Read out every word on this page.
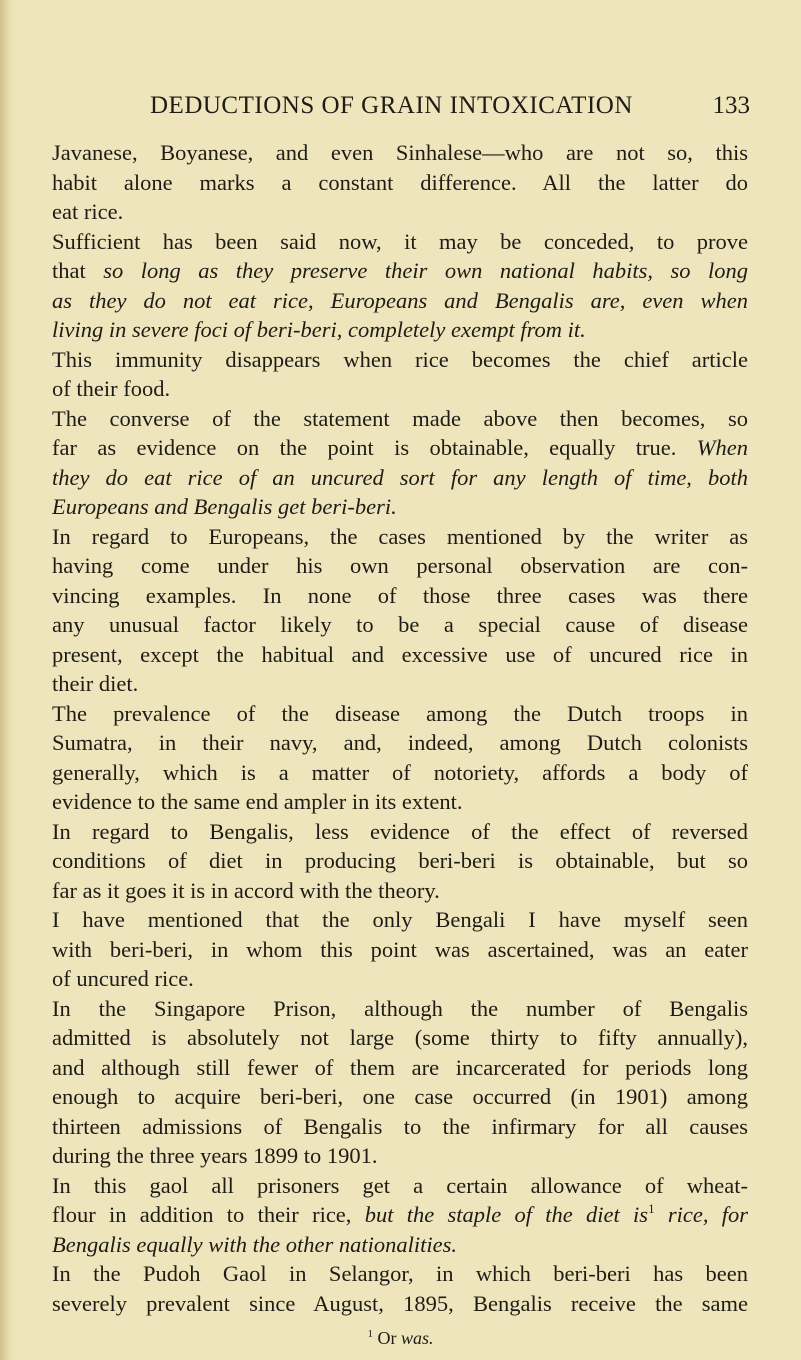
DEDUCTIONS OF GRAIN INTOXICATION	133
Javanese, Boyanese, and even Sinhalese—who are not so, this
habit alone marks a constant difference. All the latter do
eat rice.
Sufficient has been said now, it may be conceded, to prove
that so long as they preserve their own national habits, so long
as they do not eat rice, Europeans and Bengalis are, even when
living in severe foci of beri-beri, completely exempt from it.
This immunity disappears when rice becomes the chief article
of their food.
The converse of the statement made above then becomes, so
far as evidence on the point is obtainable, equally true. When
they do eat rice of an uncured sort for any length of time, both
Europeans and Bengalis get beri-beri.
In regard to Europeans, the cases mentioned by the writer as
having come under his own personal observation are con-
vincing examples. In none of those three cases was there
any unusual factor likely to be a special cause of disease
present, except the habitual and excessive use of uncured rice in
their diet.
The prevalence of the disease among the Dutch troops in
Sumatra, in their navy, and, indeed, among Dutch colonists
generally, which is a matter of notoriety, affords a body of
evidence to the same end ampler in its extent.
In regard to Bengalis, less evidence of the effect of reversed
conditions of diet in producing beri-beri is obtainable, but so
far as it goes it is in accord with the theory.
I have mentioned that the only Bengali I have myself seen
with beri-beri, in whom this point was ascertained, was an eater
of uncured rice.
In the Singapore Prison, although the number of Bengalis
admitted is absolutely not large (some thirty to fifty annually),
and although still fewer of them are incarcerated for periods long
enough to acquire beri-beri, one case occurred (in 1901) among
thirteen admissions of Bengalis to the infirmary for all causes
during the three years 1899 to 1901.
In this gaol all prisoners get a certain allowance of wheat-
flour in addition to their rice, but the staple of the diet $is^1$ rice, for
Bengalis equally with the other nationalities.
In the Pudoh Gaol in Selangor, in which beri-beri has been
severely prevalent since August, 1895, Bengalis receive the same
$^1$ Or was.
